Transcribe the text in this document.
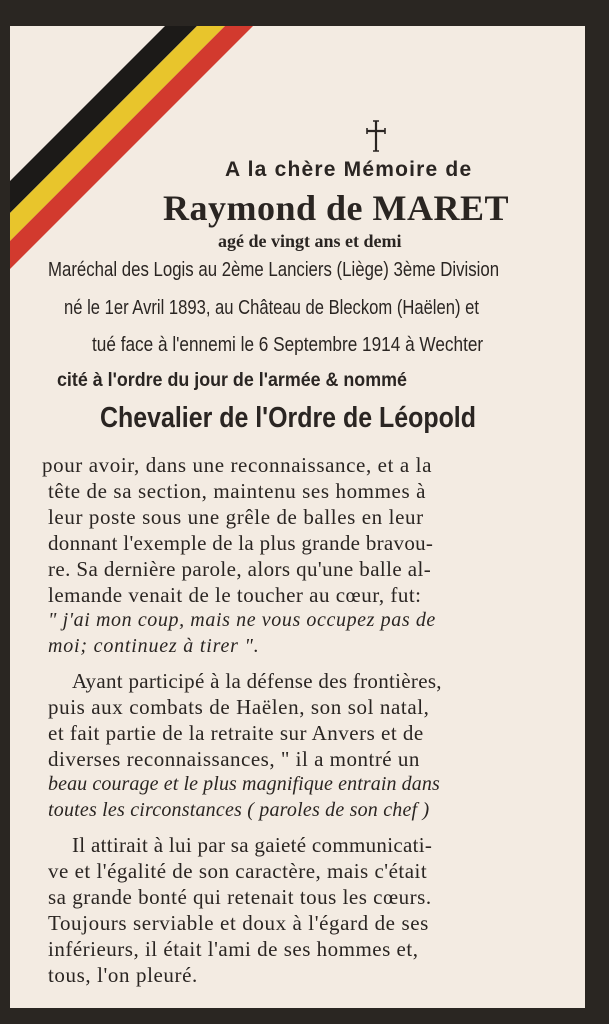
A la chère Mémoire de
Raymond de MARET
agé de vingt ans et demi
Maréchal des Logis au 2ème Lanciers (Liège) 3ème Division
né le 1er Avril 1893, au Château de Bleckom (Haëlen) et
tué face à l'ennemi le 6 Septembre 1914 à Wechter
cité à l'ordre du jour de l'armée & nommé
Chevalier de l'Ordre de Léopold
pour avoir, dans une reconnaissance, et a la
tête de sa section, maintenu ses hommes à
leur poste sous une grêle de balles en leur
donnant l'exemple de la plus grande bravou-
re. Sa dernière parole, alors qu'une balle al-
lemande venait de le toucher au cœur, fut:
" j'ai mon coup, mais ne vous occupez pas de
moi; continuez à tirer ".
Ayant participé à la défense des frontières,
puis aux combats de Haëlen, son sol natal,
et fait partie de la retraite sur Anvers et de
diverses reconnaissances, " il a montré un
beau courage et le plus magnifique entrain dans
toutes les circonstances ( paroles de son chef )
Il attirait à lui par sa gaieté communicati-
ve et l'égalité de son caractère, mais c'était
sa grande bonté qui retenait tous les cœurs.
Toujours serviable et doux à l'égard de ses
inférieurs, il était l'ami de ses hommes et,
tous, l'on pleuré.
